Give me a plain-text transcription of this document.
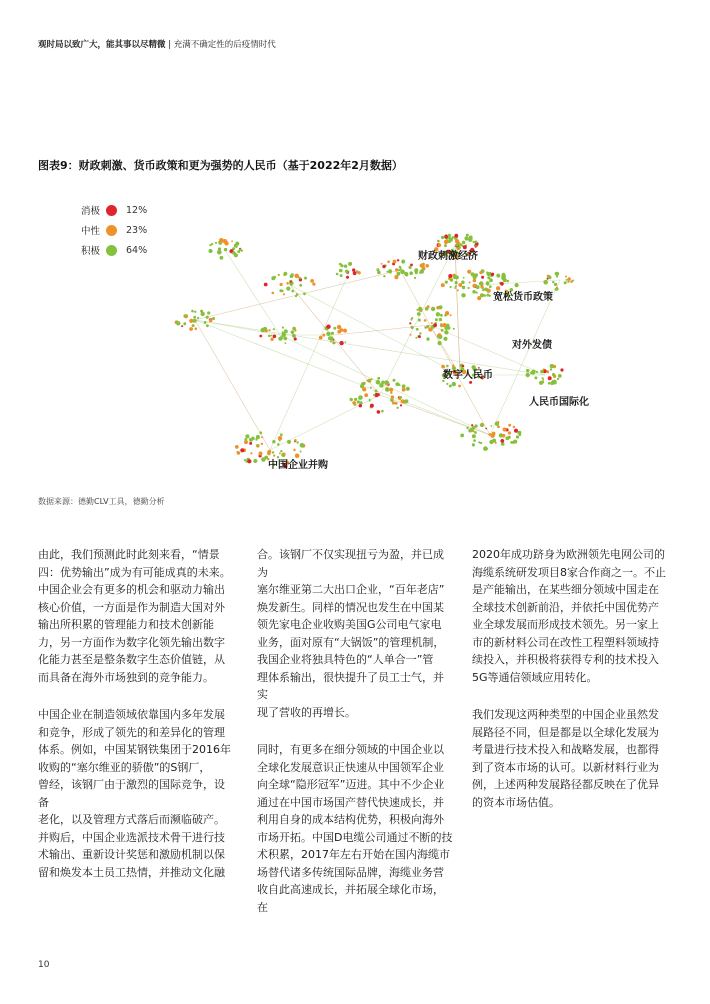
观时局以致广大，能其事以尽精微 | 充满不确定性的后疫情时代
图表9：财政刺激、货币政策和更为强势的人民币（基于2022年2月数据）
消极	12%
中性	23%
积极	64%
财政刺激经济
宽松货币政策
对外发债
数字人民币
人民币国际化
中国企业并购
数据来源：德勤CLV工具，德勤分析

由此，我们预测此时此刻来看，“情景
四：优势输出”成为有可能成真的未来。
中国企业会有更多的机会和驱动力输出
核心价值，一方面是作为制造大国对外
输出所积累的管理能力和技术创新能
力，另一方面作为数字化领先输出数字
化能力甚至是整条数字生态价值链，从
而具备在海外市场独到的竞争能力。

中国企业在制造领域依靠国内多年发展
和竞争，形成了领先的和差异化的管理
体系。例如，中国某钢铁集团于2016年
收购的“塞尔维亚的骄傲”的S钢厂，
曾经，该钢厂由于激烈的国际竞争，设备
老化，以及管理方式落后而濒临破产。
并购后，中国企业选派技术骨干进行技
术输出、重新设计奖惩和激励机制以保
留和焕发本土员工热情，并推动文化融

合。该钢厂不仅实现扭亏为盈，并已成为
塞尔维亚第二大出口企业，“百年老店”
焕发新生。同样的情况也发生在中国某
领先家电企业收购美国G公司电气家电
业务，面对原有“大锅饭”的管理机制，
我国企业将独具特色的“人单合一”管
理体系输出，很快提升了员工士气，并实
现了营收的再增长。

同时，有更多在细分领域的中国企业以
全球化发展意识正快速从中国领军企业
向全球“隐形冠军”迈进。其中不少企业
通过在中国市场国产替代快速成长，并
利用自身的成本结构优势，积极向海外
市场开拓。中国D电缆公司通过不断的技
术积累，2017年左右开始在国内海缆市
场替代诸多传统国际品牌，海缆业务营
收自此高速成长，并拓展全球化市场，在

2020年成功跻身为欧洲领先电网公司的
海缆系统研发项目8家合作商之一。不止
是产能输出，在某些细分领域中国走在
全球技术创新前沿，并依托中国优势产
业全球发展而形成技术领先。另一家上
市的新材料公司在改性工程塑料领域持
续投入，并积极将获得专利的技术投入
5G等通信领域应用转化。

我们发现这两种类型的中国企业虽然发
展路径不同，但是都是以全球化发展为
考量进行技术投入和战略发展，也都得
到了资本市场的认可。以新材料行业为
例，上述两种发展路径都反映在了优异
的资本市场估值。

10
